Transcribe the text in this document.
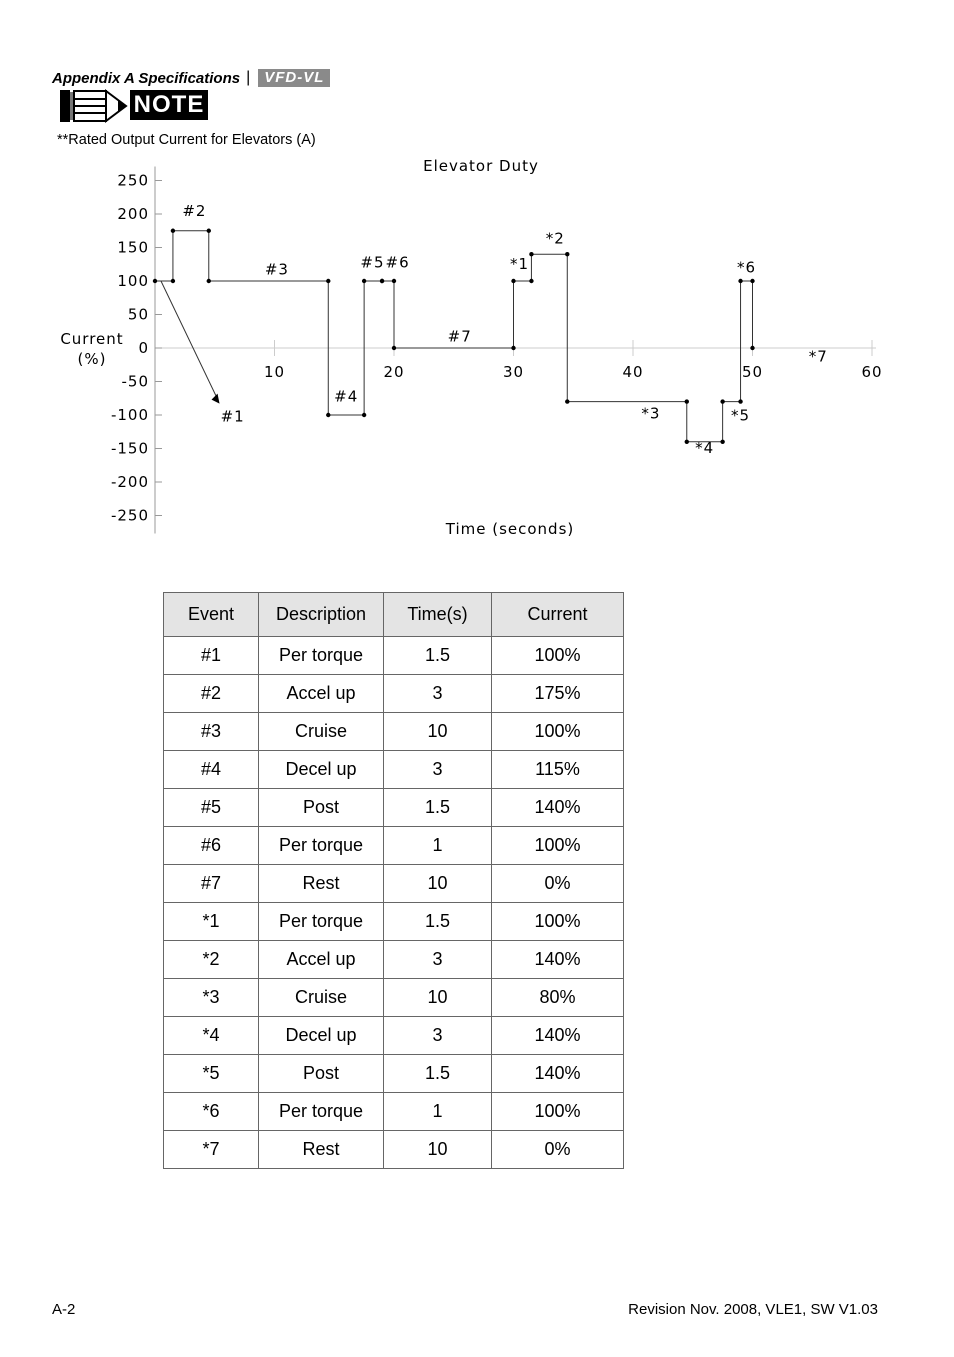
Appendix A Specifications | VFD-VL
NOTE
**Rated Output Current for Elevators (A)
250
200
150
100
50
0
-50
-100
-150
-200
-250
10	20	30	40	50	60
#1
#2
#3
#4
#5 #6
#7
*1
*2
*3
*4
*5
*6
*7
Elevator Duty
Time (seconds)
Current
(%)
Event	Description	Time(s)	Current
#1	Per torque	1.5	100%
#2	Accel up	3	175%
#3	Cruise	10	100%
#4	Decel up	3	115%
#5	Post	1.5	140%
#6	Per torque	1	100%
#7	Rest	10	0%
*1	Per torque	1.5	100%
*2	Accel up	3	140%
*3	Cruise	10	80%
*4	Decel up	3	140%
*5	Post	1.5	140%
*6	Per torque	1	100%
*7	Rest	10	0%
A-2	Revision Nov. 2008, VLE1, SW V1.03
